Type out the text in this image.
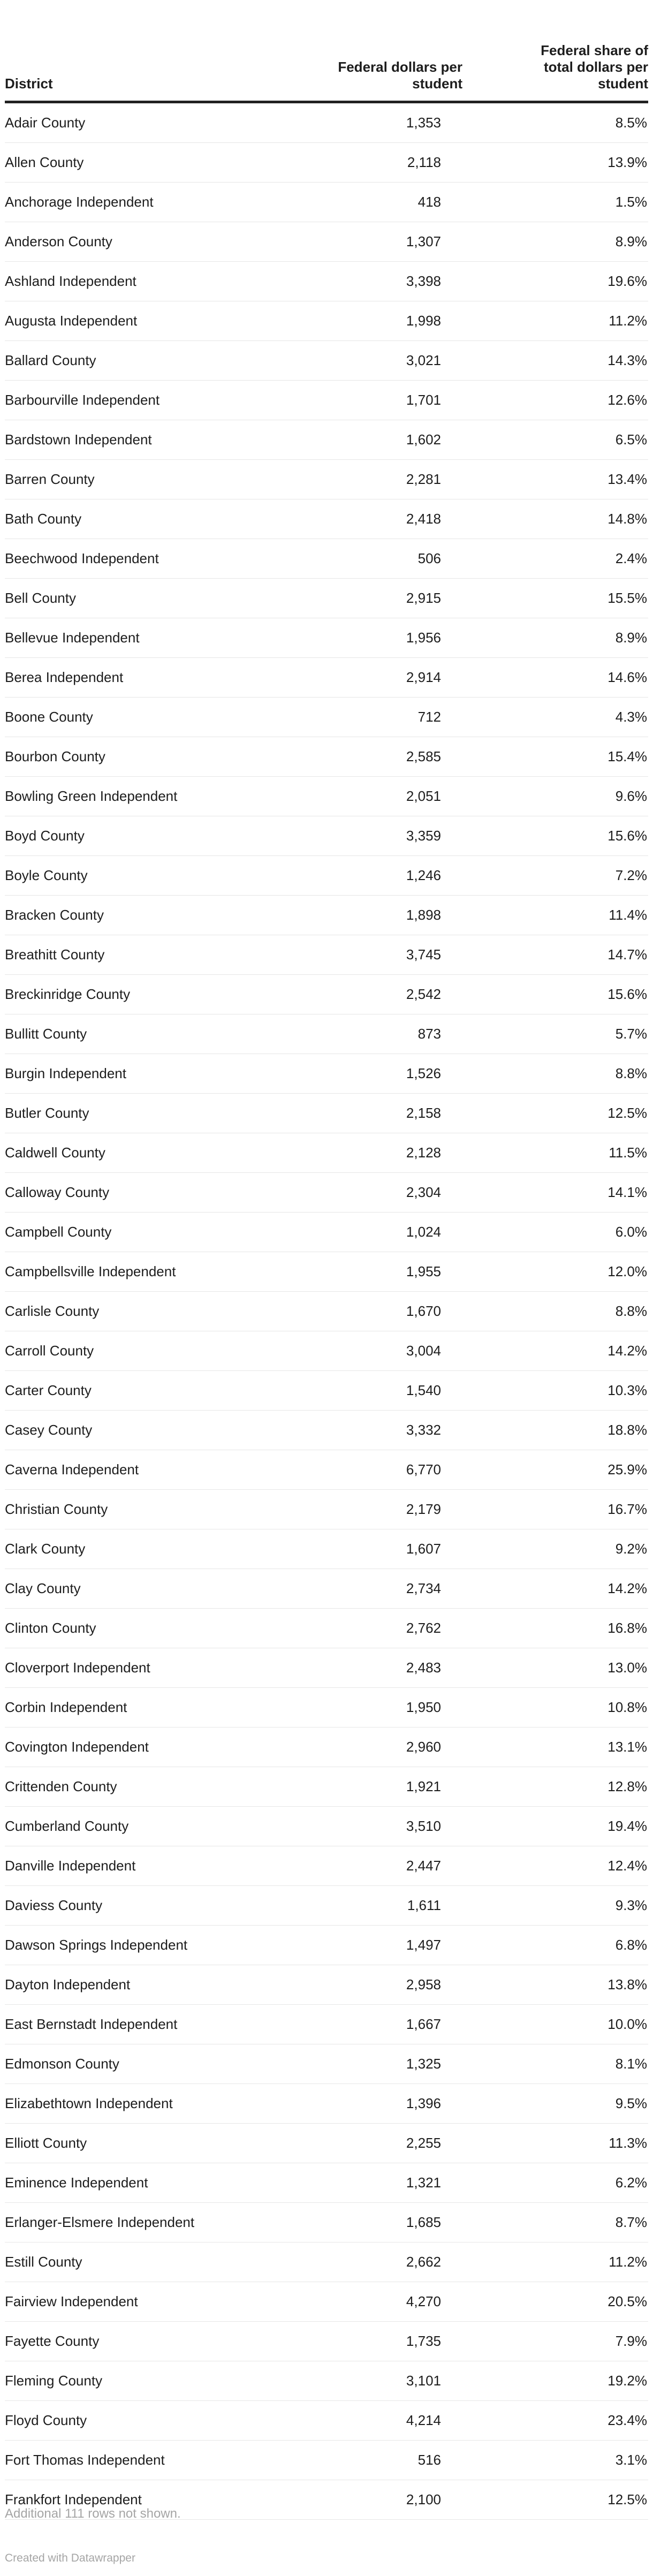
District	Federal dollars per student	Federal share of total dollars per student
Adair County	1,353	8.5%
Allen County	2,118	13.9%
Anchorage Independent	418	1.5%
Anderson County	1,307	8.9%
Ashland Independent	3,398	19.6%
Augusta Independent	1,998	11.2%
Ballard County	3,021	14.3%
Barbourville Independent	1,701	12.6%
Bardstown Independent	1,602	6.5%
Barren County	2,281	13.4%
Bath County	2,418	14.8%
Beechwood Independent	506	2.4%
Bell County	2,915	15.5%
Bellevue Independent	1,956	8.9%
Berea Independent	2,914	14.6%
Boone County	712	4.3%
Bourbon County	2,585	15.4%
Bowling Green Independent	2,051	9.6%
Boyd County	3,359	15.6%
Boyle County	1,246	7.2%
Bracken County	1,898	11.4%
Breathitt County	3,745	14.7%
Breckinridge County	2,542	15.6%
Bullitt County	873	5.7%
Burgin Independent	1,526	8.8%
Butler County	2,158	12.5%
Caldwell County	2,128	11.5%
Calloway County	2,304	14.1%
Campbell County	1,024	6.0%
Campbellsville Independent	1,955	12.0%
Carlisle County	1,670	8.8%
Carroll County	3,004	14.2%
Carter County	1,540	10.3%
Casey County	3,332	18.8%
Caverna Independent	6,770	25.9%
Christian County	2,179	16.7%
Clark County	1,607	9.2%
Clay County	2,734	14.2%
Clinton County	2,762	16.8%
Cloverport Independent	2,483	13.0%
Corbin Independent	1,950	10.8%
Covington Independent	2,960	13.1%
Crittenden County	1,921	12.8%
Cumberland County	3,510	19.4%
Danville Independent	2,447	12.4%
Daviess County	1,611	9.3%
Dawson Springs Independent	1,497	6.8%
Dayton Independent	2,958	13.8%
East Bernstadt Independent	1,667	10.0%
Edmonson County	1,325	8.1%
Elizabethtown Independent	1,396	9.5%
Elliott County	2,255	11.3%
Eminence Independent	1,321	6.2%
Erlanger-Elsmere Independent	1,685	8.7%
Estill County	2,662	11.2%
Fairview Independent	4,270	20.5%
Fayette County	1,735	7.9%
Fleming County	3,101	19.2%
Floyd County	4,214	23.4%
Fort Thomas Independent	516	3.1%
Frankfort Independent	2,100	12.5%
Additional 111 rows not shown.
Created with Datawrapper
